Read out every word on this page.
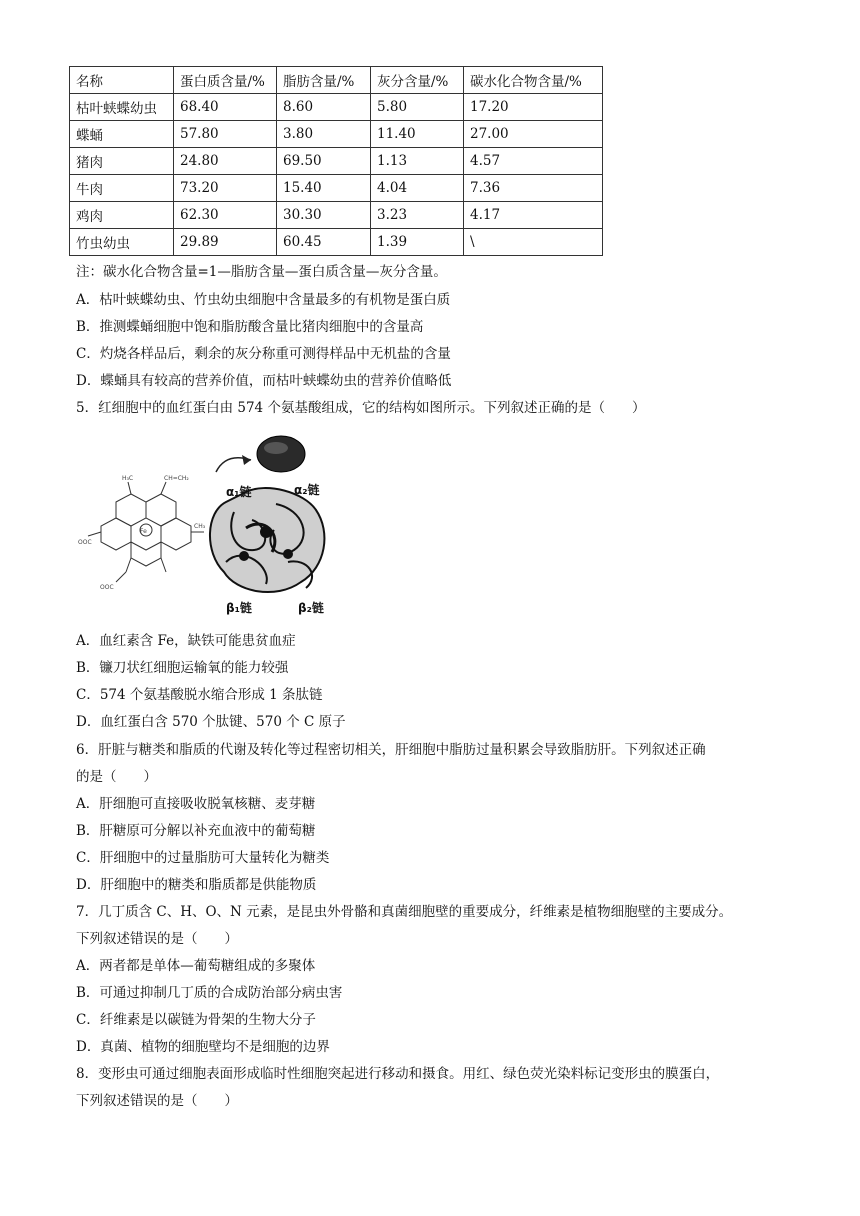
名称	蛋白质含量/%	脂肪含量/%	灰分含量/%	碳水化合物含量/%
枯叶蛱蝶幼虫	68.40	8.60	5.80	17.20
蝶蛹	57.80	3.80	11.40	27.00
猪肉	24.80	69.50	1.13	4.57
牛肉	73.20	15.40	4.04	7.36
鸡肉	62.30	30.30	3.23	4.17
竹虫幼虫	29.89	60.45	1.39	\
注：碳水化合物含量=1—脂肪含量—蛋白质含量—灰分含量。
A．枯叶蛱蝶幼虫、竹虫幼虫细胞中含量最多的有机物是蛋白质
B．推测蝶蛹细胞中饱和脂肪酸含量比猪肉细胞中的含量高
C．灼烧各样品后，剩余的灰分称重可测得样品中无机盐的含量
D．蝶蛹具有较高的营养价值，而枯叶蛱蝶幼虫的营养价值略低
5．红细胞中的血红蛋白由 574 个氨基酸组成，它的结构如图所示。下列叙述正确的是（　　）
H₃C	CH=CH₂
Fe
CH₃
OOC
OOC
α₁链	α₂链
β₁链	β₂链
A．血红素含 Fe，缺铁可能患贫血症
B．镰刀状红细胞运输氧的能力较强
C．574 个氨基酸脱水缩合形成 1 条肽链
D．血红蛋白含 570 个肽键、570 个 C 原子
6．肝脏与糖类和脂质的代谢及转化等过程密切相关，肝细胞中脂肪过量积累会导致脂肪肝。下列叙述正确
的是（　　）
A．肝细胞可直接吸收脱氧核糖、麦芽糖
B．肝糖原可分解以补充血液中的葡萄糖
C．肝细胞中的过量脂肪可大量转化为糖类
D．肝细胞中的糖类和脂质都是供能物质
7．几丁质含 C、H、O、N 元素，是昆虫外骨骼和真菌细胞壁的重要成分，纤维素是植物细胞壁的主要成分。
下列叙述错误的是（　　）
A．两者都是单体—葡萄糖组成的多聚体
B．可通过抑制几丁质的合成防治部分病虫害
C．纤维素是以碳链为骨架的生物大分子
D．真菌、植物的细胞壁均不是细胞的边界
8．变形虫可通过细胞表面形成临时性细胞突起进行移动和摄食。用红、绿色荧光染料标记变形虫的膜蛋白，
下列叙述错误的是（　　）
